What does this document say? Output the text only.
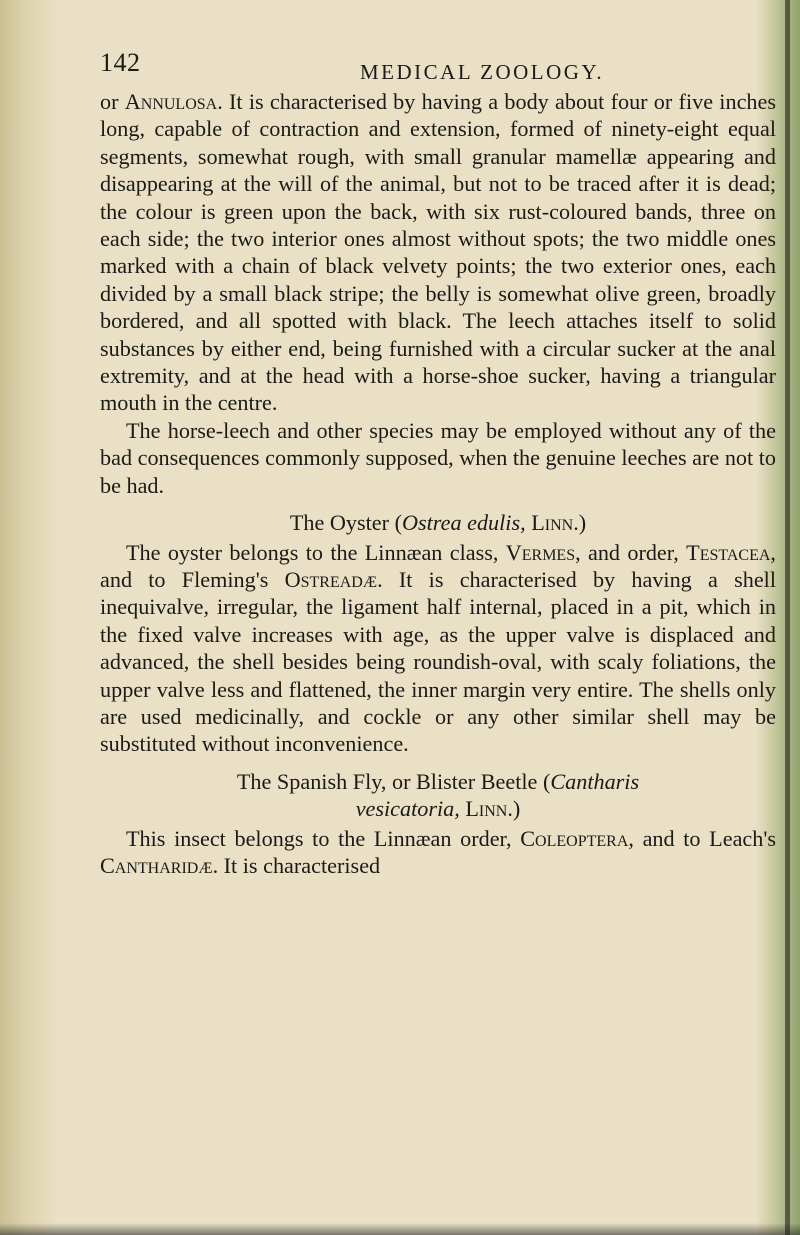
142	MEDICAL ZOOLOGY.

or Annulosa. It is characterised by having a body about four or five inches long, capable of contraction and extension, formed of ninety-eight equal segments, somewhat rough, with small granular mamellæ appearing and disappearing at the will of the animal, but not to be traced after it is dead; the colour is green upon the back, with six rust-coloured bands, three on each side; the two interior ones almost without spots; the two middle ones marked with a chain of black velvety points; the two exterior ones, each divided by a small black stripe; the belly is somewhat olive green, broadly bordered, and all spotted with black. The leech attaches itself to solid substances by either end, being furnished with a circular sucker at the anal extremity, and at the head with a horse-shoe sucker, having a triangular mouth in the centre.

The horse-leech and other species may be employed without any of the bad consequences commonly supposed, when the genuine leeches are not to be had.

The Oyster (Ostrea edulis, Linn.)

The oyster belongs to the Linnæan class, Vermes, and order, Testacea, and to Fleming's Ostreadæ. It is characterised by having a shell inequivalve, irregular, the ligament half internal, placed in a pit, which in the fixed valve increases with age, as the upper valve is displaced and advanced, the shell besides being roundish-oval, with scaly foliations, the upper valve less and flattened, the inner margin very entire. The shells only are used medicinally, and cockle or any other similar shell may be substituted without inconvenience.

The Spanish Fly, or Blister Beetle (Cantharis
vesicatoria, Linn.)

This insect belongs to the Linnæan order, Coleoptera, and to Leach's Cantharidæ. It is characterised
